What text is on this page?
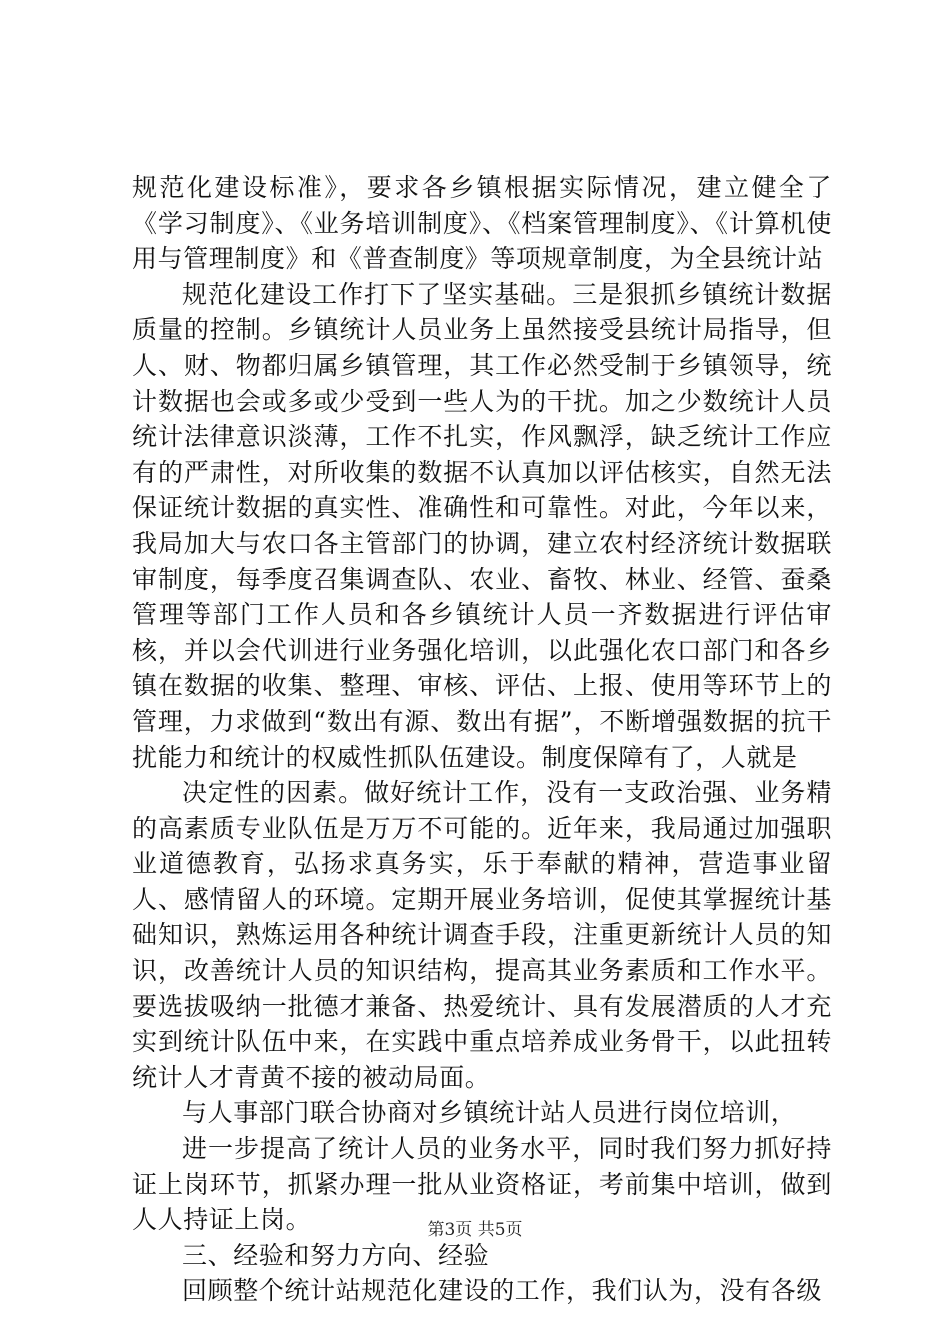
规范化建设标准》，要求各乡镇根据实际情况，建立健全了《学习制度》、《业务培训制度》、《档案管理制度》、《计算机使用与管理制度》和《普查制度》等项规章制度，为全县统计站

规范化建设工作打下了坚实基础。三是狠抓乡镇统计数据质量的控制。乡镇统计人员业务上虽然接受县统计局指导，但人、财、物都归属乡镇管理，其工作必然受制于乡镇领导，统计数据也会或多或少受到一些人为的干扰。加之少数统计人员统计法律意识淡薄，工作不扎实，作风飘浮，缺乏统计工作应有的严肃性，对所收集的数据不认真加以评估核实，自然无法保证统计数据的真实性、准确性和可靠性。对此，今年以来，我局加大与农口各主管部门的协调，建立农村经济统计数据联审制度，每季度召集调查队、农业、畜牧、林业、经管、蚕桑管理等部门工作人员和各乡镇统计人员一齐数据进行评估审核，并以会代训进行业务强化培训，以此强化农口部门和各乡镇在数据的收集、整理、审核、评估、上报、使用等环节上的管理，力求做到“数出有源、数出有据”，不断增强数据的抗干扰能力和统计的权威性抓队伍建设。制度保障有了，人就是

决定性的因素。做好统计工作，没有一支政治强、业务精的高素质专业队伍是万万不可能的。近年来，我局通过加强职业道德教育，弘扬求真务实，乐于奉献的精神，营造事业留人、感情留人的环境。定期开展业务培训，促使其掌握统计基础知识，熟炼运用各种统计调查手段，注重更新统计人员的知识，改善统计人员的知识结构，提高其业务素质和工作水平。要选拔吸纳一批德才兼备、热爱统计、具有发展潜质的人才充实到统计队伍中来，在实践中重点培养成业务骨干，以此扭转统计人才青黄不接的被动局面。

与人事部门联合协商对乡镇统计站人员进行岗位培训，

进一步提高了统计人员的业务水平，同时我们努力抓好持证上岗环节，抓紧办理一批从业资格证，考前集中培训，做到人人持证上岗。

三、经验和努力方向、经验

回顾整个统计站规范化建设的工作，我们认为，没有各级

第3页 共5页
